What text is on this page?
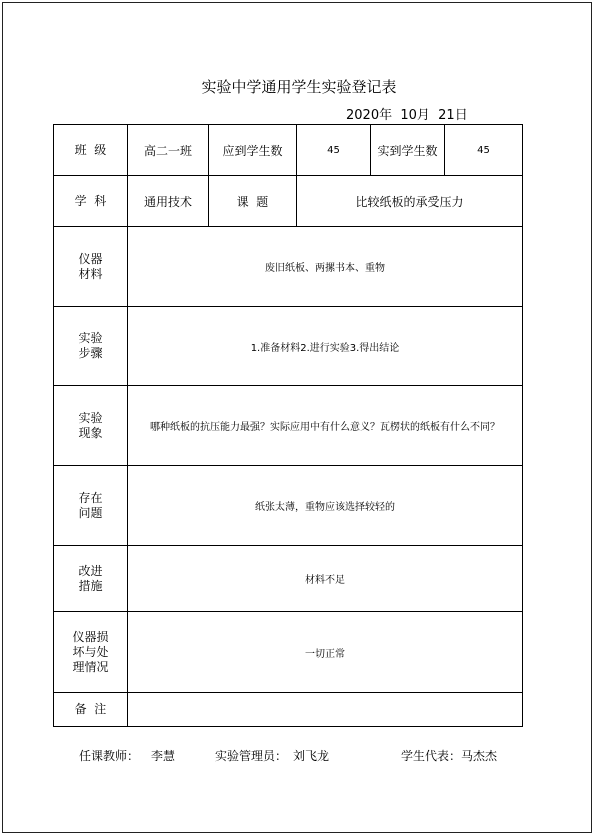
实验中学通用学生实验登记表
2020年  10月  21日
班  级	高二一班	应到学生数	45	实到学生数	45
学  科	通用技术	课  题	比较纸板的承受压力		
仪器
材料	废旧纸板、两摞书本、重物				
实验
步骤	1.准备材料2.进行实验3.得出结论				
实验
现象	哪种纸板的抗压能力最强？实际应用中有什么意义？瓦楞状的纸板有什么不同？				
存在
问题	纸张太薄，重物应该选择较轻的				
改进
措施	材料不足				
仪器损
坏与处
理情况	一切正常				
备  注					
任课教师： 李慧	实验管理员： 刘飞龙	学生代表： 马杰杰
